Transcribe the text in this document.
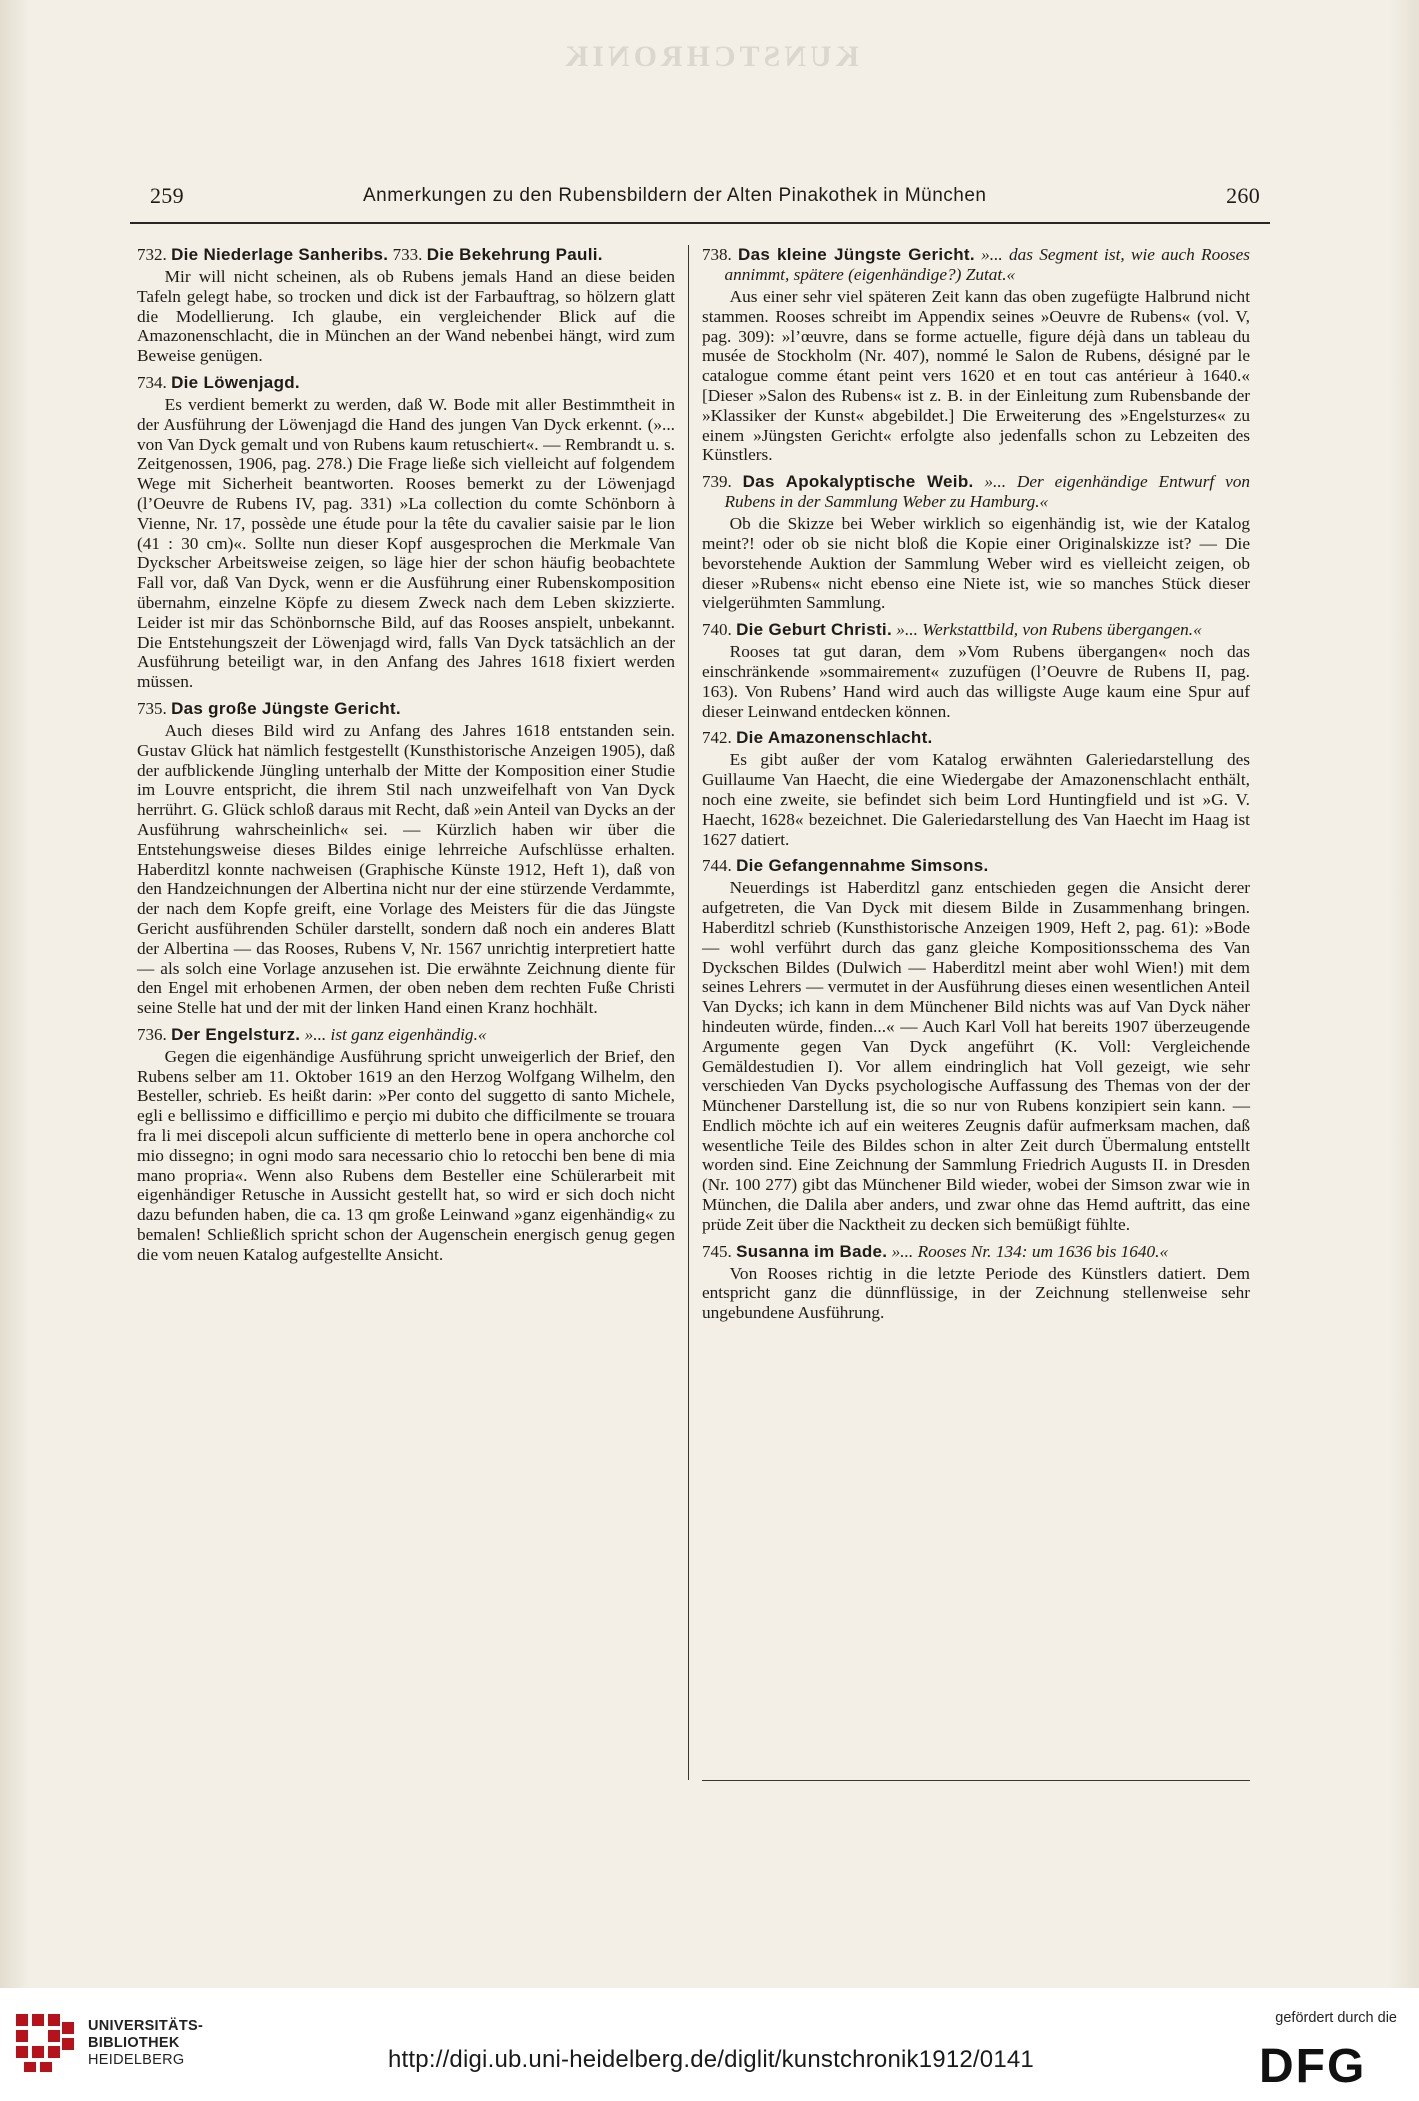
KUNSTCHRONIK
259	Anmerkungen zu den Rubensbildern der Alten Pinakothek in München	260
732. Die Niederlage Sanheribs. 733. Die Bekehrung Pauli.

Mir will nicht scheinen, als ob Rubens jemals Hand an diese beiden Tafeln gelegt habe, so trocken und dick ist der Farbauftrag, so hölzern glatt die Modellierung. Ich glaube, ein vergleichender Blick auf die Amazonenschlacht, die in München an der Wand nebenbei hängt, wird zum Beweise genügen.

734. Die Löwenjagd.

Es verdient bemerkt zu werden, daß W. Bode mit aller Bestimmtheit in der Ausführung der Löwenjagd die Hand des jungen Van Dyck erkennt. (»... von Van Dyck gemalt und von Rubens kaum retuschiert«. — Rembrandt u. s. Zeitgenossen, 1906, pag. 278.) Die Frage ließe sich vielleicht auf folgendem Wege mit Sicherheit beantworten. Rooses bemerkt zu der Löwenjagd (l’Oeuvre de Rubens IV, pag. 331) »La collection du comte Schönborn à Vienne, Nr. 17, possède une étude pour la tête du cavalier saisie par le lion (41 : 30 cm)«. Sollte nun dieser Kopf ausgesprochen die Merkmale Van Dyckscher Arbeitsweise zeigen, so läge hier der schon häufig beobachtete Fall vor, daß Van Dyck, wenn er die Ausführung einer Rubenskomposition übernahm, einzelne Köpfe zu diesem Zweck nach dem Leben skizzierte. Leider ist mir das Schönbornsche Bild, auf das Rooses anspielt, unbekannt. Die Entstehungszeit der Löwenjagd wird, falls Van Dyck tatsächlich an der Ausführung beteiligt war, in den Anfang des Jahres 1618 fixiert werden müssen.

735. Das große Jüngste Gericht.

Auch dieses Bild wird zu Anfang des Jahres 1618 entstanden sein. Gustav Glück hat nämlich festgestellt (Kunsthistorische Anzeigen 1905), daß der aufblickende Jüngling unterhalb der Mitte der Komposition einer Studie im Louvre entspricht, die ihrem Stil nach unzweifelhaft von Van Dyck herrührt. G. Glück schloß daraus mit Recht, daß »ein Anteil van Dycks an der Ausführung wahrscheinlich« sei. — Kürzlich haben wir über die Entstehungsweise dieses Bildes einige lehrreiche Aufschlüsse erhalten. Haberditzl konnte nachweisen (Graphische Künste 1912, Heft 1), daß von den Handzeichnungen der Albertina nicht nur der eine stürzende Verdammte, der nach dem Kopfe greift, eine Vorlage des Meisters für die das Jüngste Gericht ausführenden Schüler darstellt, sondern daß noch ein anderes Blatt der Albertina — das Rooses, Rubens V, Nr. 1567 unrichtig interpretiert hatte — als solch eine Vorlage anzusehen ist. Die erwähnte Zeichnung diente für den Engel mit erhobenen Armen, der oben neben dem rechten Fuße Christi seine Stelle hat und der mit der linken Hand einen Kranz hochhält.

736. Der Engelsturz. »... ist ganz eigenhändig.«

Gegen die eigenhändige Ausführung spricht unweigerlich der Brief, den Rubens selber am 11. Oktober 1619 an den Herzog Wolfgang Wilhelm, den Besteller, schrieb. Es heißt darin: »Per conto del suggetto di santo Michele, egli e bellissimo e difficillimo e perçio mi dubito che difficilmente se trouara fra li mei discepoli alcun sufficiente di metterlo bene in opera anchorche col mio dissegno; in ogni modo sara necessario chio lo retocchi ben bene di mia mano propria«. Wenn also Rubens dem Besteller eine Schülerarbeit mit eigenhändiger Retusche in Aussicht gestellt hat, so wird er sich doch nicht dazu befunden haben, die ca. 13 qm große Leinwand »ganz eigenhändig« zu bemalen! Schließlich spricht schon der Augenschein energisch genug gegen die vom neuen Katalog aufgestellte Ansicht.

738. Das kleine Jüngste Gericht. »... das Segment ist, wie auch Rooses annimmt, spätere (eigenhändige?) Zutat.«

Aus einer sehr viel späteren Zeit kann das oben zugefügte Halbrund nicht stammen. Rooses schreibt im Appendix seines »Oeuvre de Rubens« (vol. V, pag. 309): »l’œuvre, dans se forme actuelle, figure déjà dans un tableau du musée de Stockholm (Nr. 407), nommé le Salon de Rubens, désigné par le catalogue comme étant peint vers 1620 et en tout cas antérieur à 1640.« [Dieser »Salon des Rubens« ist z. B. in der Einleitung zum Rubensbande der »Klassiker der Kunst« abgebildet.] Die Erweiterung des »Engelsturzes« zu einem »Jüngsten Gericht« erfolgte also jedenfalls schon zu Lebzeiten des Künstlers.

739. Das Apokalyptische Weib. »... Der eigenhändige Entwurf von Rubens in der Sammlung Weber zu Hamburg.«

Ob die Skizze bei Weber wirklich so eigenhändig ist, wie der Katalog meint?! oder ob sie nicht bloß die Kopie einer Originalskizze ist? — Die bevorstehende Auktion der Sammlung Weber wird es vielleicht zeigen, ob dieser »Rubens« nicht ebenso eine Niete ist, wie so manches Stück dieser vielgerühmten Sammlung.

740. Die Geburt Christi. »... Werkstattbild, von Rubens übergangen.«

Rooses tat gut daran, dem »Vom Rubens übergangen« noch das einschränkende »sommairement« zuzufügen (l’Oeuvre de Rubens II, pag. 163). Von Rubens’ Hand wird auch das willigste Auge kaum eine Spur auf dieser Leinwand entdecken können.

742. Die Amazonenschlacht.

Es gibt außer der vom Katalog erwähnten Galeriedarstellung des Guillaume Van Haecht, die eine Wiedergabe der Amazonenschlacht enthält, noch eine zweite, sie befindet sich beim Lord Huntingfield und ist »G. V. Haecht, 1628« bezeichnet. Die Galeriedarstellung des Van Haecht im Haag ist 1627 datiert.

744. Die Gefangennahme Simsons.

Neuerdings ist Haberditzl ganz entschieden gegen die Ansicht derer aufgetreten, die Van Dyck mit diesem Bilde in Zusammenhang bringen. Haberditzl schrieb (Kunsthistorische Anzeigen 1909, Heft 2, pag. 61): »Bode — wohl verführt durch das ganz gleiche Kompositionsschema des Van Dyckschen Bildes (Dulwich — Haberditzl meint aber wohl Wien!) mit dem seines Lehrers — vermutet in der Ausführung dieses einen wesentlichen Anteil Van Dycks; ich kann in dem Münchener Bild nichts was auf Van Dyck näher hindeuten würde, finden...« — Auch Karl Voll hat bereits 1907 überzeugende Argumente gegen Van Dyck angeführt (K. Voll: Vergleichende Gemäldestudien I). Vor allem eindringlich hat Voll gezeigt, wie sehr verschieden Van Dycks psychologische Auffassung des Themas von der der Münchener Darstellung ist, die so nur von Rubens konzipiert sein kann. — Endlich möchte ich auf ein weiteres Zeugnis dafür aufmerksam machen, daß wesentliche Teile des Bildes schon in alter Zeit durch Übermalung entstellt worden sind. Eine Zeichnung der Sammlung Friedrich Augusts II. in Dresden (Nr. 100 277) gibt das Münchener Bild wieder, wobei der Simson zwar wie in München, die Dalila aber anders, und zwar ohne das Hemd auftritt, das eine prüde Zeit über die Nacktheit zu decken sich bemüßigt fühlte.

745. Susanna im Bade. »... Rooses Nr. 134: um 1636 bis 1640.«

Von Rooses richtig in die letzte Periode des Künstlers datiert. Dem entspricht ganz die dünnflüssige, in der Zeichnung stellenweise sehr ungebundene Ausführung.

UNIVERSITÄTS-
BIBLIOTHEK
HEIDELBERG	http://digi.ub.uni-heidelberg.de/diglit/kunstchronik1912/0141
gefördert durch die
DFG
